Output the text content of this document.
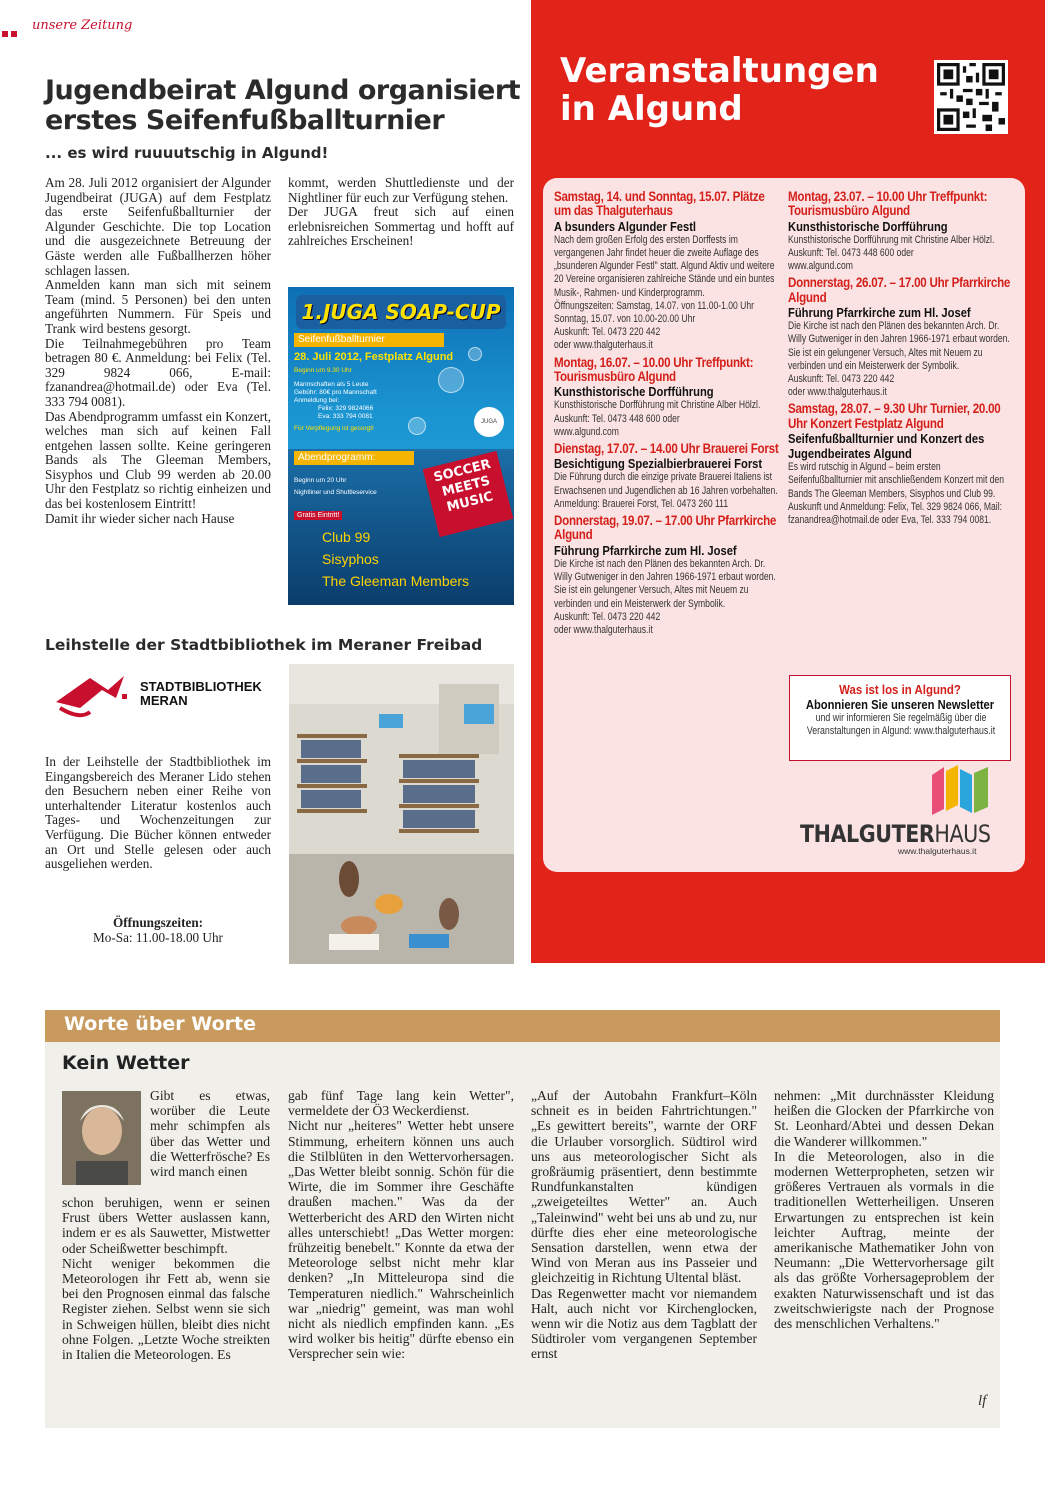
unsere Zeitung
Jugendbeirat Algund organisiert erstes Seifenfußballturnier
... es wird ruuuutschig in Algund!
Am 28. Juli 2012 organisiert der Algunder Jugendbeirat (JUGA) auf dem Festplatz das erste Seifenfußballturnier der Algunder Geschichte. Die top Location und die ausgezeichnete Betreuung der Gäste werden alle Fußballherzen höher schlagen lassen.
Anmelden kann man sich mit seinem Team (mind. 5 Personen) bei den unten angeführten Nummern. Für Speis und Trank wird bestens gesorgt.
Die Teilnahmegebühren pro Team betragen 80 €. Anmeldung: bei Felix (Tel. 329 9824 066, E-mail: fzanandrea@hotmail.de) oder Eva (Tel. 333 794 0081).
Das Abendprogramm umfasst ein Konzert, welches man sich auf keinen Fall entgehen lassen sollte. Keine geringeren Bands als The Gleeman Members, Sisyphos und Club 99 werden ab 20.00 Uhr den Festplatz so richtig einheizen und das bei kostenlosem Eintritt!
Damit ihr wieder sicher nach Hause
kommt, werden Shuttledienste und der Nightliner für euch zur Verfügung stehen.
Der JUGA freut sich auf einen erlebnisreichen Sommertag und hofft auf zahlreiches Erscheinen!
1.JUGA SOAP-CUP
Seifenfußballturnier
28. Juli 2012, Festplatz Algund
Beginn um 9.30 Uhr
Mannschaften als 5 Leute
Gebühr: 80€ pro Mannschaft
Anmeldung bei:
Felix: 329 9824066
Eva: 333 794 0081
Für Verpflegung ist gesorgt!
JUGA
Abendprogramm:
Beginn um 20 Uhr
Nightliner und Shuttleservice
Gratis Eintritt!
SOCCER MEETS MUSIC
Club 99
Sisyphos
The Gleeman Members
Leihstelle der Stadtbibliothek im Meraner Freibad
STADTBIBLIOTHEK
MERAN
In der Leihstelle der Stadtbibliothek im Eingangsbereich des Meraner Lido stehen den Besuchern neben einer Reihe von unterhaltender Literatur kostenlos auch Tages- und Wochenzeitungen zur Verfügung. Die Bücher können entweder an Ort und Stelle gelesen oder auch ausgeliehen werden.
Öffnungszeiten:
Mo-Sa: 11.00-18.00 Uhr
Veranstaltungen
in Algund
Samstag, 14. und Sonntag, 15.07. Plätze um das Thalguterhaus
A bsunders Algunder Festl
Nach dem großen Erfolg des ersten Dorffests im vergangenen Jahr findet heuer die zweite Auflage des „bsunderen Algunder Festl" statt. Algund Aktiv und weitere 20 Vereine organisieren zahlreiche Stände und ein buntes Musik-, Rahmen- und Kinderprogramm.
Öffnungszeiten: Samstag, 14.07. von 11.00-1.00 Uhr
Sonntag, 15.07. von 10.00-20.00 Uhr
Auskunft: Tel. 0473 220 442
oder www.thalguterhaus.it
Montag, 16.07. – 10.00 Uhr Treffpunkt: Tourismusbüro Algund
Kunsthistorische Dorfführung
Kunsthistorische Dorfführung mit Christine Alber Hölzl.
Auskunft: Tel. 0473 448 600 oder
www.algund.com
Dienstag, 17.07. – 14.00 Uhr Brauerei Forst
Besichtigung Spezialbierbrauerei Forst
Die Führung durch die einzige private Brauerei Italiens ist Erwachsenen und Jugendlichen ab 16 Jahren vorbehalten.
Anmeldung: Brauerei Forst, Tel. 0473 260 111
Donnerstag, 19.07. – 17.00 Uhr Pfarrkirche Algund
Führung Pfarrkirche zum Hl. Josef
Die Kirche ist nach den Plänen des bekannten Arch. Dr. Willy Gutweniger in den Jahren 1966-1971 erbaut worden. Sie ist ein gelungener Versuch, Altes mit Neuem zu verbinden und ein Meisterwerk der Symbolik.
Auskunft: Tel. 0473 220 442
oder www.thalguterhaus.it
Montag, 23.07. – 10.00 Uhr Treffpunkt: Tourismusbüro Algund
Kunsthistorische Dorfführung
Kunsthistorische Dorfführung mit Christine Alber Hölzl.
Auskunft: Tel. 0473 448 600 oder
www.algund.com
Donnerstag, 26.07. – 17.00 Uhr Pfarrkirche Algund
Führung Pfarrkirche zum Hl. Josef
Die Kirche ist nach den Plänen des bekannten Arch. Dr. Willy Gutweniger in den Jahren 1966-1971 erbaut worden. Sie ist ein gelungener Versuch, Altes mit Neuem zu verbinden und ein Meisterwerk der Symbolik.
Auskunft: Tel. 0473 220 442
oder www.thalguterhaus.it
Samstag, 28.07. – 9.30 Uhr Turnier, 20.00 Uhr Konzert Festplatz Algund
Seifenfußballturnier und Konzert des Jugendbeirates Algund
Es wird rutschig in Algund – beim ersten Seifenfußballturnier mit anschließendem Konzert mit den Bands The Gleeman Members, Sisyphos und Club 99.
Auskunft und Anmeldung: Felix, Tel. 329 9824 066, Mail: fzanandrea@hotmail.de oder Eva, Tel. 333 794 0081.
Was ist los in Algund?
Abonnieren Sie unseren Newsletter
und wir informieren Sie regelmäßig über die Veranstaltungen in Algund: www.thalguterhaus.it
THALGUTERHAUS
www.thalguterhaus.it
Worte über Worte
Kein Wetter
Gibt es etwas, worüber die Leute mehr schimpfen als über das Wetter und die Wetterfrösche? Es wird manch einen
schon beruhigen, wenn er seinen Frust übers Wetter auslassen kann, indem er es als Sauwetter, Mistwetter oder Scheißwetter beschimpft.
Nicht weniger bekommen die Meteorologen ihr Fett ab, wenn sie bei den Prognosen einmal das falsche Register ziehen. Selbst wenn sie sich in Schweigen hüllen, bleibt dies nicht ohne Folgen. „Letzte Woche streikten in Italien die Meteorologen. Es
gab fünf Tage lang kein Wetter", vermeldete der Ö3 Weckerdienst.
Nicht nur „heiteres" Wetter hebt unsere Stimmung, erheitern können uns auch die Stilblüten in den Wettervorhersagen. „Das Wetter bleibt sonnig. Schön für die Wirte, die im Sommer ihre Geschäfte draußen machen." Was da der Wetterbericht des ARD den Wirten nicht alles unterschiebt! „Das Wetter morgen: frühzeitig benebelt." Konnte da etwa der Meteorologe selbst nicht mehr klar denken? „In Mitteleuropa sind die Temperaturen niedlich." Wahrscheinlich war „niedrig" gemeint, was man wohl nicht als niedlich empfinden kann. „Es wird wolker bis heitig" dürfte ebenso ein Versprecher sein wie:
„Auf der Autobahn Frankfurt–Köln schneit es in beiden Fahrtrichtungen." „Es gewittert bereits", warnte der ORF die Urlauber vorsorglich. Südtirol wird uns aus meteorologischer Sicht als großräumig präsentiert, denn bestimmte Rundfunkanstalten kündigen „zweigeteiltes Wetter" an. Auch „Taleinwind" weht bei uns ab und zu, nur dürfte dies eher eine meteorologische Sensation darstellen, wenn etwa der Wind von Meran aus ins Passeier und gleichzeitig in Richtung Ultental bläst.
Das Regenwetter macht vor niemandem Halt, auch nicht vor Kirchenglocken, wenn wir die Notiz aus dem Tagblatt der Südtiroler vom vergangenen September ernst
nehmen: „Mit durchnässter Kleidung heißen die Glocken der Pfarrkirche von St. Leonhard/Abtei und dessen Dekan die Wanderer willkommen."
In die Meteorologen, also in die modernen Wetterpropheten, setzen wir größeres Vertrauen als vormals in die traditionellen Wetterheiligen. Unseren Erwartungen zu entsprechen ist kein leichter Auftrag, meinte der amerikanische Mathematiker John von Neumann: „Die Wettervorhersage gilt als das größte Vorhersageproblem der exakten Naturwissenschaft und ist das zweitschwierigste nach der Prognose des menschlichen Verhaltens."
lf
